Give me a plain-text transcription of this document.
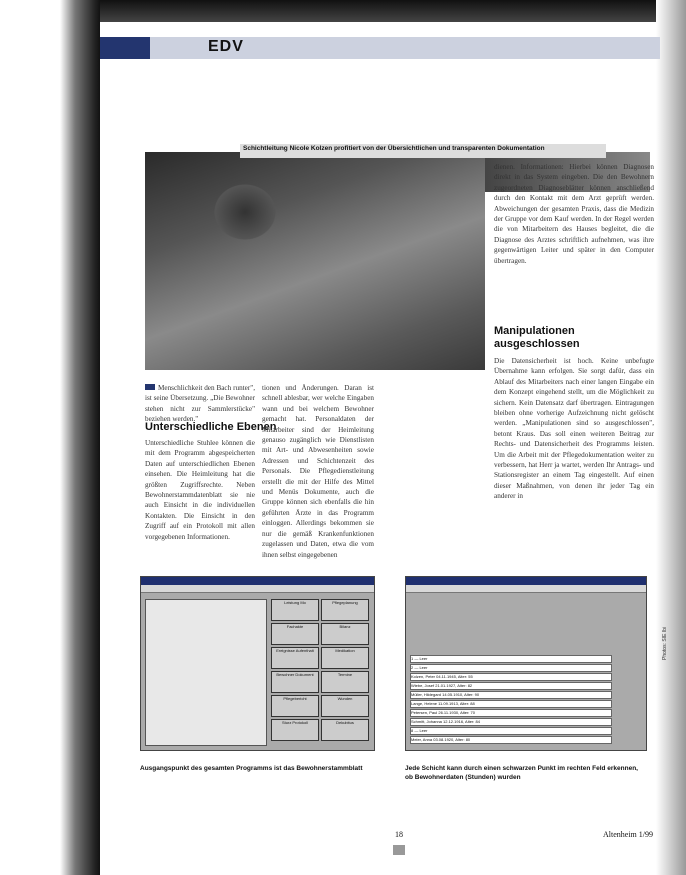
EDV
Schichtleitung Nicole Kolzen profitiert von der Übersichtlichen und transparenten Dokumentation
Menschlichkeit den Bach runter", ist seine Übersetzung. „Die Bewohner stehen nicht zur Sammlerstücke" beziehen werden."
Unterschiedliche Ebenen
Unterschiedliche Stuhlee können die mit dem Programm abgespeicherten Daten auf unterschiedlichen Ebenen einsehen. Die Heimleitung hat die größten Zugriffsrechte. Neben Bewohnerstammdatenblatt sie nie auch Einsicht in die individuellen Kontakten. Die Einsicht in den Zugriff auf ein Protokoll mit allen vorgegebenen Informationen.
tionen und Änderungen. Daran ist schnell ablesbar, wer welche Eingaben wann und bei welchem Bewohner gemacht hat. Personaldaten der Mitarbeiter sind der Heimleitung genauso zugänglich wie Dienstlisten mit Art- und Abwesenheiten sowie Adressen und Schichtenzeit des Personals. Die Pflegedienstleitung erstellt die mit der Hilfe des Mittel und Menüs Dokumente, auch die Gruppe können sich ebenfalls die hin geführten Ärzte in das Programm einloggen. Allerdings bekommen sie nur die gemäß Krankenfunktionen zugelassen und Daten, etwa die vom ihnen selbst eingegebenen
dienen. Informationen: Hierbei können Diagnosen direkt in das System eingeben. Die den Bewohnern zugeordneten Diagnoseblätter können anschließend durch den Kontakt mit dem Arzt geprüft werden. Abweichungen der gesamten Praxis, dass die Medizin der Gruppe vor dem Kauf werden. In der Regel werden die von Mitarbeitern des Hauses begleitet, die die Diagnose des Arztes schriftlich aufnehmen, was ihre gegenwärtigen Leiter und später in den Computer übertragen.
Manipulationen ausgeschlossen
Die Datensicherheit ist hoch. Keine unbefugte Übernahme kann erfolgen. Sie sorgt dafür, dass ein Ablauf des Mitarbeiters nach einer langen Eingabe ein dem Konzept eingehend stellt, um die Möglichkeit zu sichern. Kein Datensatz darf übertragen. Eintragungen bleiben ohne vorherige Aufzeichnung nicht gelöscht werden. „Manipulationen sind so ausgeschlossen", betont Kraus. Das soll einen weiteren Beitrag zur Rechts- und Datensicherheit des Programms leisten. Um die Arbeit mit der Pflegedokumentation weiter zu verbessern, hat Herr ja wartet, werden Ihr Antrags- und Stationsregister an einem Tag eingestellt. Auf einen dieser Maßnahmen, von denen ihr jeder Tag ein anderer in
Leistung Mo	Pflegeplanung
Fachakte	Bilanz
Ereignisse Aufenthalt	Medikation
Bewohner Dokument	Termine
Pflegebericht	Wunden
Sturz Protokoll	Dekubitus
1 — Leer
2 — Leer
Kolzen, Peter 04.11.1945, Alter: 55
Wiebe, Josef 21.01.1927, Alter: 82
Müller, Hildegard 14.05.1910, Alter: 90
Lange, Helene 11.09.1913, Alter: 88
Petersen, Paul 26.11.1930, Alter: 70
Schmitt, Johanna 12.12.1916, Alter: 84
8 — Leer
Meier, Anna 03.08.1920, Alter: 80
Ausgangspunkt des gesamten Programms ist das Bewohnerstammblatt	Jede Schicht kann durch einen schwarzen Punkt im rechten Feld erkennen, ob Bewohnerdaten (Stunden) wurden
Photos: SIE Ibi
18	Altenheim 1/99
